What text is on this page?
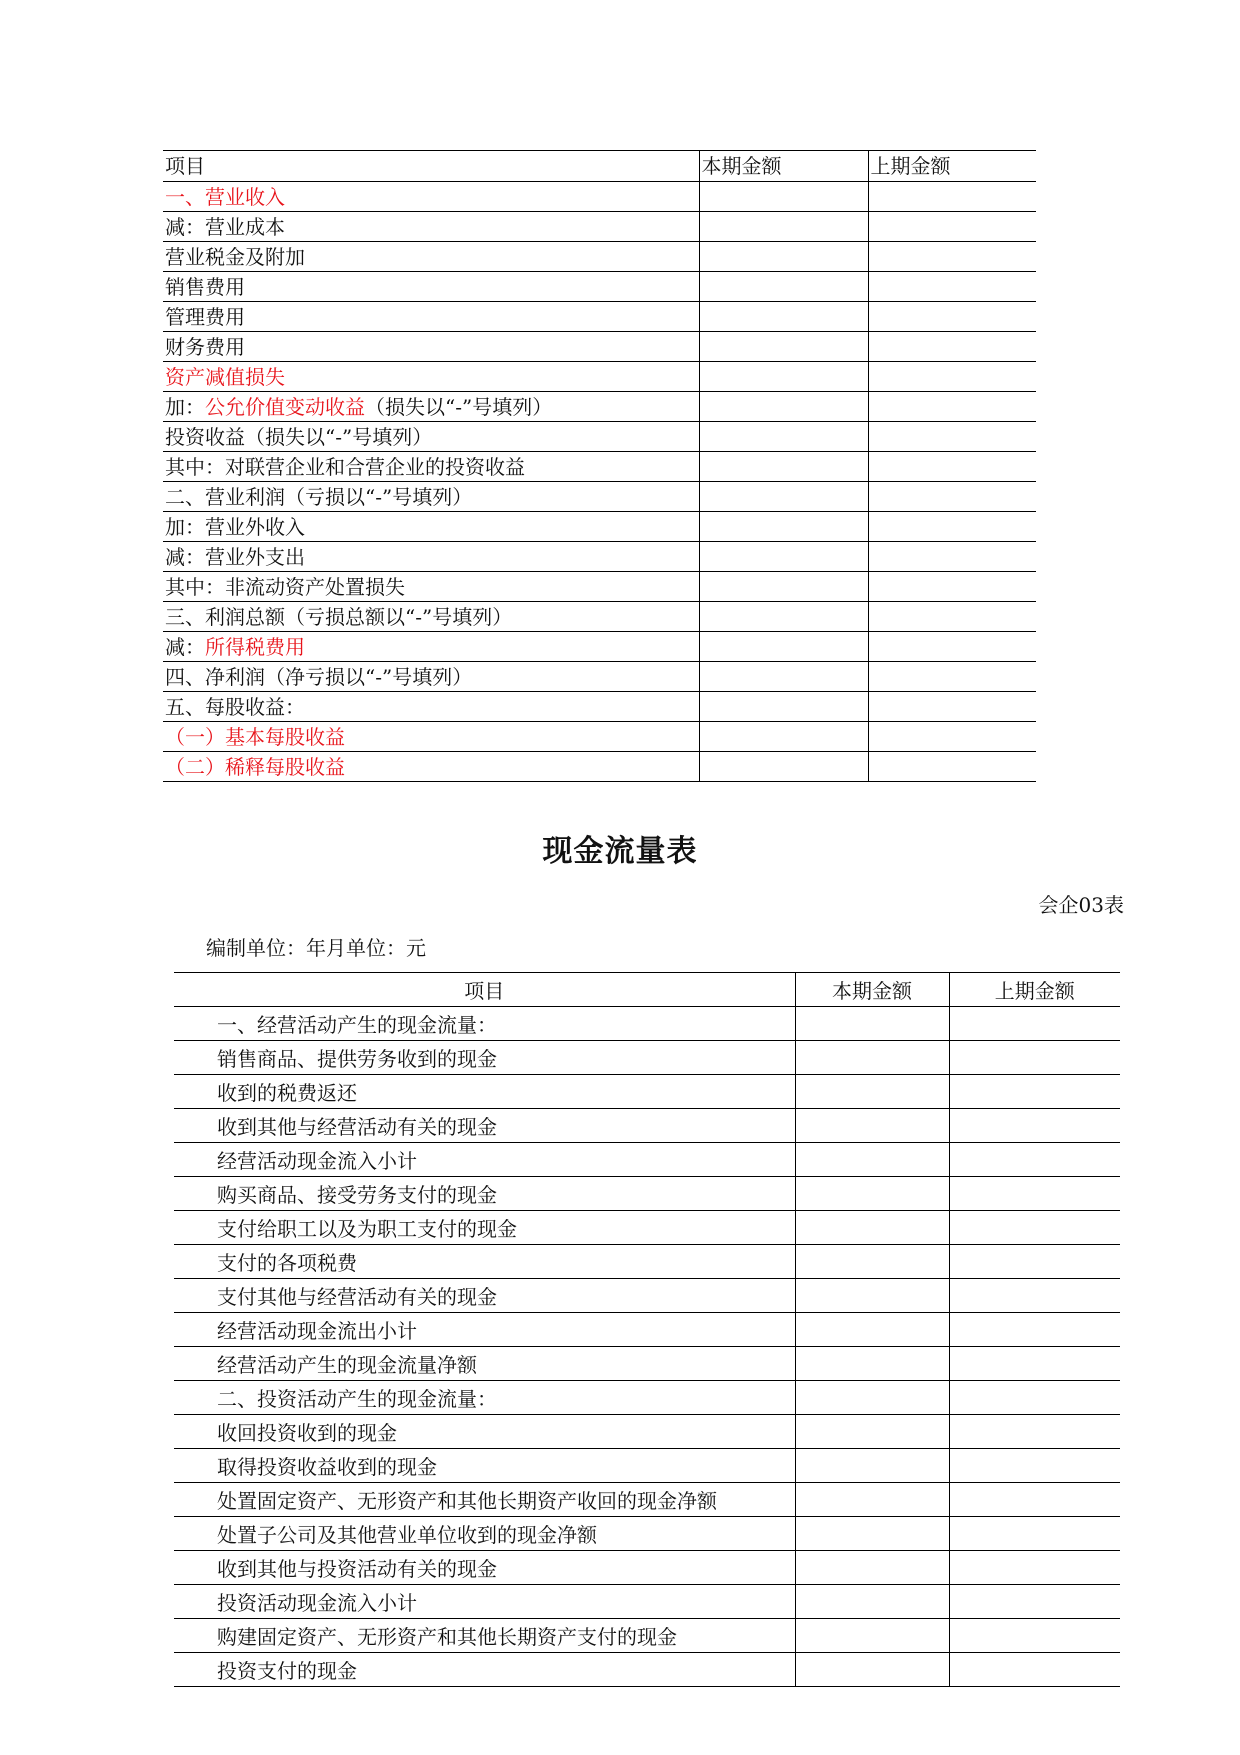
项目	本期金额	上期金额
一、营业收入		
减：营业成本		
营业税金及附加		
销售费用		
管理费用		
财务费用		
资产减值损失		
加：公允价值变动收益（损失以“-”号填列）		
投资收益（损失以“-”号填列）		
其中：对联营企业和合营企业的投资收益		
二、营业利润（亏损以“-”号填列）		
加：营业外收入		
减：营业外支出		
其中：非流动资产处置损失		
三、利润总额（亏损总额以“-”号填列）		
减：所得税费用		
四、净利润（净亏损以“-”号填列）		
五、每股收益：		
（一）基本每股收益		
（二）稀释每股收益		
现金流量表
会企03表
编制单位：年月单位：元
项目	本期金额	上期金额
一、经营活动产生的现金流量：		
销售商品、提供劳务收到的现金		
收到的税费返还		
收到其他与经营活动有关的现金		
经营活动现金流入小计		
购买商品、接受劳务支付的现金		
支付给职工以及为职工支付的现金		
支付的各项税费		
支付其他与经营活动有关的现金		
经营活动现金流出小计		
经营活动产生的现金流量净额		
二、投资活动产生的现金流量：		
收回投资收到的现金		
取得投资收益收到的现金		
处置固定资产、无形资产和其他长期资产收回的现金净额		
处置子公司及其他营业单位收到的现金净额		
收到其他与投资活动有关的现金		
投资活动现金流入小计		
购建固定资产、无形资产和其他长期资产支付的现金		
投资支付的现金		
